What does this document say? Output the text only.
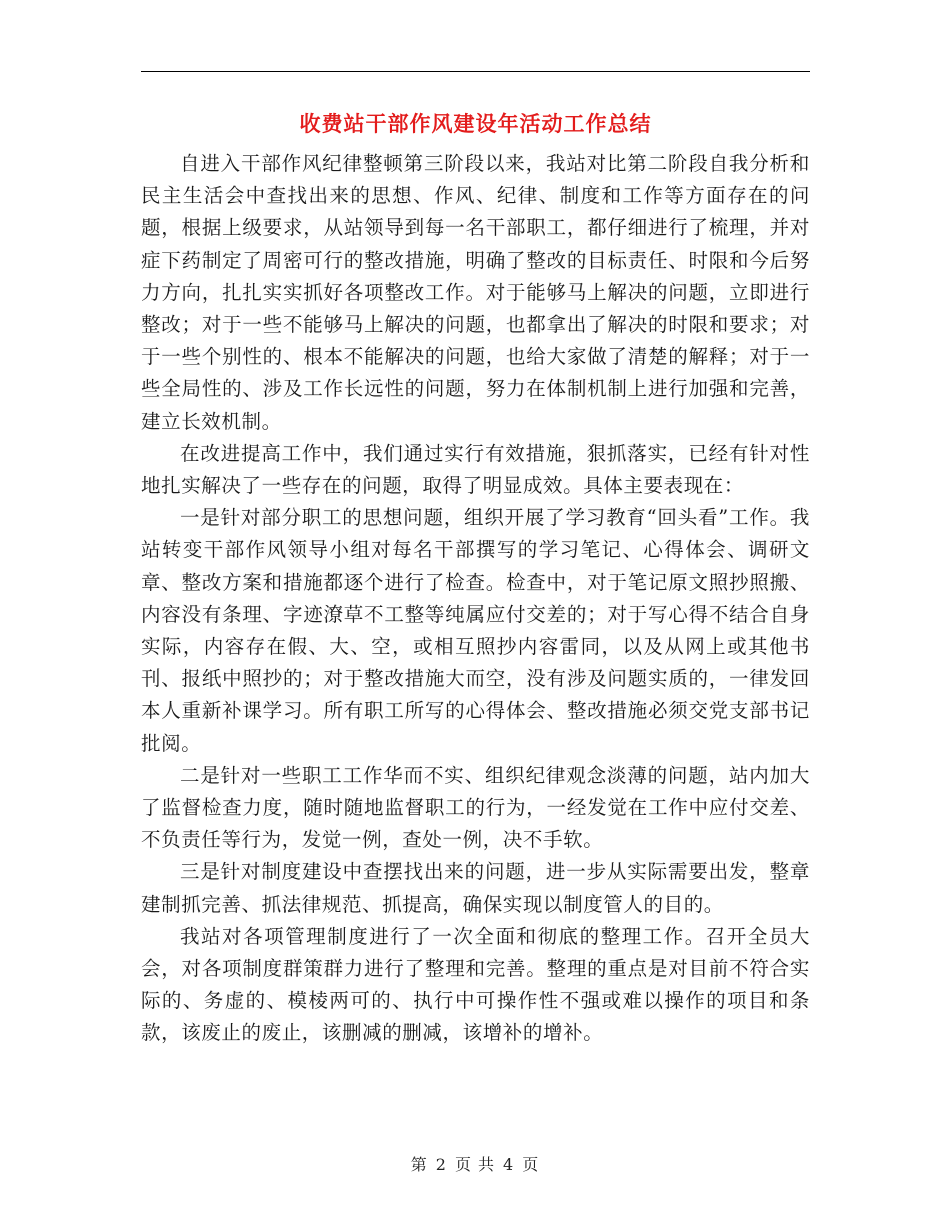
收费站干部作风建设年活动工作总结

自进入干部作风纪律整顿第三阶段以来，我站对比第二阶段自我分析和民主生活会中查找出来的思想、作风、纪律、制度和工作等方面存在的问题，根据上级要求，从站领导到每一名干部职工，都仔细进行了梳理，并对症下药制定了周密可行的整改措施，明确了整改的目标责任、时限和今后努力方向，扎扎实实抓好各项整改工作。对于能够马上解决的问题，立即进行整改；对于一些不能够马上解决的问题，也都拿出了解决的时限和要求；对于一些个别性的、根本不能解决的问题，也给大家做了清楚的解释；对于一些全局性的、涉及工作长远性的问题，努力在体制机制上进行加强和完善，建立长效机制。

在改进提高工作中，我们通过实行有效措施，狠抓落实，已经有针对性地扎实解决了一些存在的问题，取得了明显成效。具体主要表现在：

一是针对部分职工的思想问题，组织开展了学习教育“回头看”工作。我站转变干部作风领导小组对每名干部撰写的学习笔记、心得体会、调研文章、整改方案和措施都逐个进行了检查。检查中，对于笔记原文照抄照搬、内容没有条理、字迹潦草不工整等纯属应付交差的；对于写心得不结合自身实际，内容存在假、大、空，或相互照抄内容雷同，以及从网上或其他书刊、报纸中照抄的；对于整改措施大而空，没有涉及问题实质的，一律发回本人重新补课学习。所有职工所写的心得体会、整改措施必须交党支部书记批阅。

二是针对一些职工工作华而不实、组织纪律观念淡薄的问题，站内加大了监督检查力度，随时随地监督职工的行为，一经发觉在工作中应付交差、不负责任等行为，发觉一例，查处一例，决不手软。

三是针对制度建设中查摆找出来的问题，进一步从实际需要出发，整章建制抓完善、抓法律规范、抓提高，确保实现以制度管人的目的。

我站对各项管理制度进行了一次全面和彻底的整理工作。召开全员大会，对各项制度群策群力进行了整理和完善。整理的重点是对目前不符合实际的、务虚的、模棱两可的、执行中可操作性不强或难以操作的项目和条款，该废止的废止，该删减的删减，该增补的增补。

第 2 页 共 4 页
